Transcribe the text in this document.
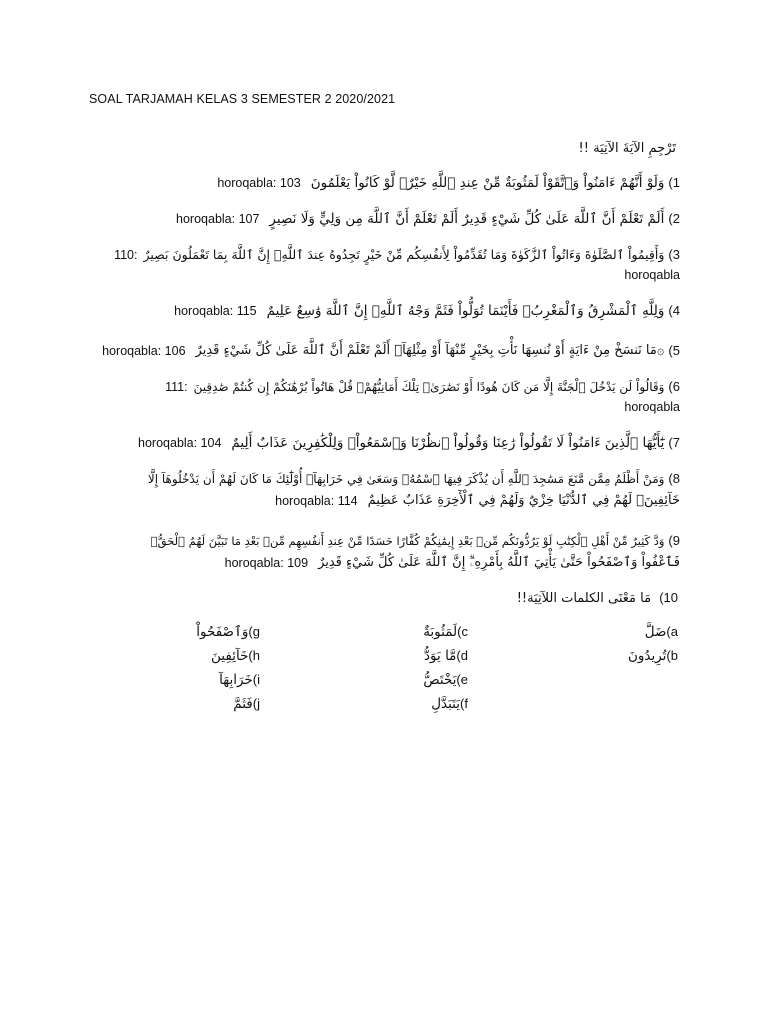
SOAL TARJAMAH KELAS 3 SEMESTER 2 2020/2021
تَرْجِمِ الآيَةَ الآتِيَة !!
1)
وَلَوْ أَنَّهُمْ ءَامَنُواْ وَٱتَّقَوْاْ لَمَثُوبَةٌ مِّنْ عِندِ ٱللَّهِ خَيْرٌۚ لَّوْ كَانُواْ يَعْلَمُونَ
horoqabla: 103
2)
أَلَمْ تَعْلَمْ أَنَّ ٱللَّهَ عَلَىٰ كُلِّ شَيْءٍ قَدِيرٌ أَلَمْ تَعْلَمْ أَنَّ ٱللَّهَ مِن وَلِيٍّ وَلَا نَصِيرٍ
horoqabla: 107
3)
وَأَقِيمُواْ ٱلصَّلَوٰةَ وَءَاتُواْ ٱلزَّكَوٰةَ وَمَا تُقَدِّمُواْ لِأَنفُسِكُم مِّنْ خَيْرٍ تَجِدُوهُ عِندَ ٱللَّهِۗ إِنَّ ٱللَّهَ بِمَا تَعْمَلُونَ بَصِيرٌ
110:
horoqabla
4)
وَلِلَّهِ ٱلْمَشْرِقُ وَٱلْمَغْرِبُۚ فَأَيْنَمَا تُوَلُّواْ فَثَمَّ وَجْهُ ٱللَّهِۚ إِنَّ ٱللَّهَ وَٰسِعٌ عَلِيمٌ
horoqabla: 115
5)
۞مَا نَنسَخْ مِنْ ءَايَةٍ أَوْ نُنسِهَا نَأْتِ بِخَيْرٍ مِّنْهَآ أَوْ مِثْلِهَآۗ أَلَمْ تَعْلَمْ أَنَّ ٱللَّهَ عَلَىٰ كُلِّ شَيْءٍ قَدِيرٌ
horoqabla: 106
6)
وَقَالُواْ لَن يَدْخُلَ ٱلْجَنَّةَ إِلَّا مَن كَانَ هُودًا أَوْ نَصَٰرَىٰۗ تِلْكَ أَمَانِيُّهُمْۗ قُلْ هَاتُواْ بُرْهَٰنَكُمْ إِن كُنتُمْ صَٰدِقِينَ
111:
horoqabla
7)
يَٰٓأَيُّهَا ٱلَّذِينَ ءَامَنُواْ لَا تَقُولُواْ رَٰعِنَا وَقُولُواْ ٱنظُرْنَا وَٱسْمَعُواْۗ وَلِلْكَٰفِرِينَ عَذَابٌ أَلِيمٌ
horoqabla: 104
8)
وَمَنْ أَظْلَمُ مِمَّن مَّنَعَ مَسَٰجِدَ ٱللَّهِ أَن يُذْكَرَ فِيهَا ٱسْمُهُۥ وَسَعَىٰ فِي خَرَابِهَآۚ أُوْلَٰٓئِكَ مَا كَانَ لَهُمْ أَن يَدْخُلُوهَآ إِلَّا
خَآئِفِينَۚ لَهُمْ فِي ٱلدُّنْيَا خِزْيٌ وَلَهُمْ فِي ٱلْأٓخِرَةِ عَذَابٌ عَظِيمٌ
horoqabla: 114
9)
وَدَّ كَثِيرٌ مِّنْ أَهْلِ ٱلْكِتَٰبِ لَوْ يَرُدُّونَكُم مِّنۢ بَعْدِ إِيمَٰنِكُمْ كُفَّارًا حَسَدًا مِّنْ عِندِ أَنفُسِهِم مِّنۢ بَعْدِ مَا تَبَيَّنَ لَهُمُ ٱلْحَقُّۖ
فَٱعْفُواْ وَٱصْفَحُواْ حَتَّىٰ يَأْتِيَ ٱللَّهُ بِأَمْرِهِۦٓۗ إِنَّ ٱللَّهَ عَلَىٰ كُلِّ شَيْءٍ قَدِيرٌ
horoqabla: 109
10) مَا مَعْنَى الكلمات اللآتِيَة!!
a)ضَلَّ
b)تُرِيدُونَ
c)لَمَثُوبَةٌ
d)مَّا يَوَدُّ
e)يَخْتَصُّ
f)يَتَبَدَّلِ
g)وَٱصْفَحُواْ
h)خَآئِفِينَ
i)خَرَابِهَآ
j)فَثَمَّ
